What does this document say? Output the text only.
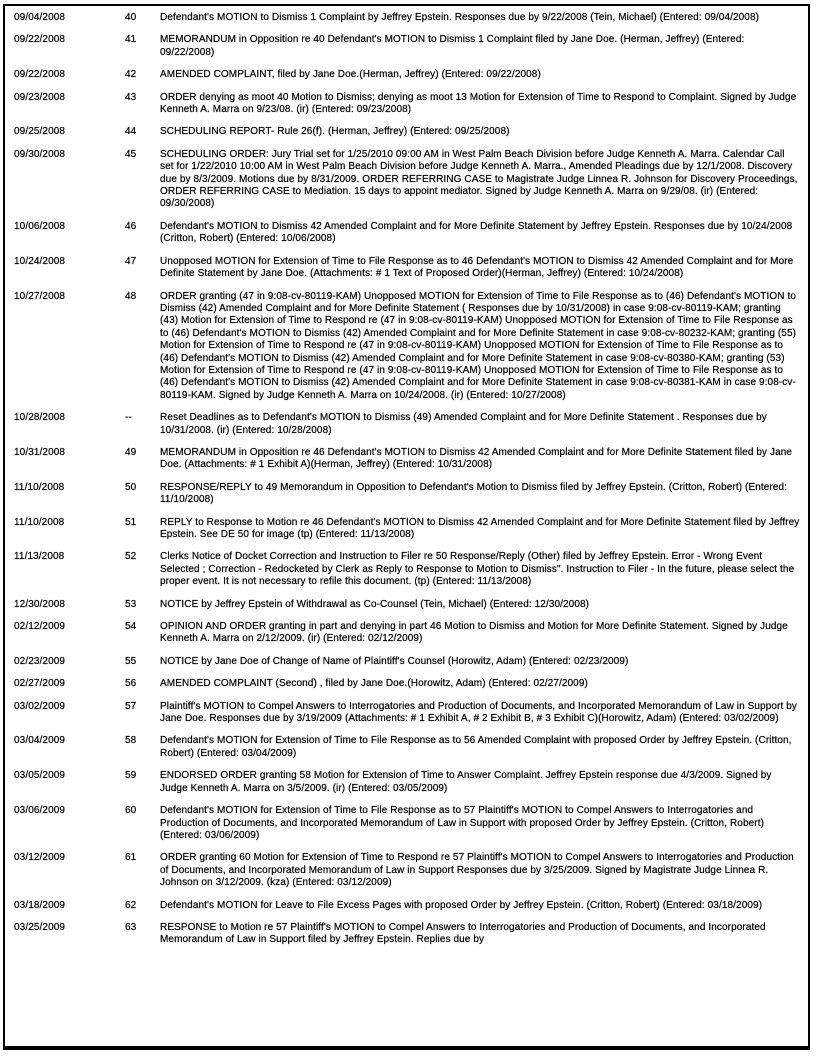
09/04/2008	40	Defendant's MOTION to Dismiss 1 Complaint by Jeffrey Epstein. Responses due by 9/22/2008 (Tein, Michael) (Entered: 09/04/2008)
09/22/2008	41	MEMORANDUM in Opposition re 40 Defendant's MOTION to Dismiss 1 Complaint filed by Jane Doe. (Herman, Jeffrey) (Entered: 09/22/2008)
09/22/2008	42	AMENDED COMPLAINT, filed by Jane Doe.(Herman, Jeffrey) (Entered: 09/22/2008)
09/23/2008	43	ORDER denying as moot 40 Motion to Dismiss; denying as moot 13 Motion for Extension of Time to Respond to Complaint. Signed by Judge Kenneth A. Marra on 9/23/08. (ir) (Entered: 09/23/2008)
09/25/2008	44	SCHEDULING REPORT- Rule 26(f). (Herman, Jeffrey) (Entered: 09/25/2008)
09/30/2008	45	SCHEDULING ORDER: Jury Trial set for 1/25/2010 09:00 AM in West Palm Beach Division before Judge Kenneth A. Marra. Calendar Call set for 1/22/2010 10:00 AM in West Palm Beach Division before Judge Kenneth A. Marra., Amended Pleadings due by 12/1/2008. Discovery due by 8/3/2009. Motions due by 8/31/2009. ORDER REFERRING CASE to Magistrate Judge Linnea R. Johnson for Discovery Proceedings, ORDER REFERRING CASE to Mediation. 15 days to appoint mediator. Signed by Judge Kenneth A. Marra on 9/29/08. (ir) (Entered: 09/30/2008)
10/06/2008	46	Defendant's MOTION to Dismiss 42 Amended Complaint and for More Definite Statement by Jeffrey Epstein. Responses due by 10/24/2008 (Critton, Robert) (Entered: 10/06/2008)
10/24/2008	47	Unopposed MOTION for Extension of Time to File Response as to 46 Defendant's MOTION to Dismiss 42 Amended Complaint and for More Definite Statement by Jane Doe. (Attachments: # 1 Text of Proposed Order)(Herman, Jeffrey) (Entered: 10/24/2008)
10/27/2008	48	ORDER granting (47 in 9:08-cv-80119-KAM) Unopposed MOTION for Extension of Time to File Response as to (46) Defendant's MOTION to Dismiss (42) Amended Complaint and for More Definite Statement ( Responses due by 10/31/2008) in case 9:08-cv-80119-KAM; granting (43) Motion for Extension of Time to Respond re (47 in 9:08-cv-80119-KAM) Unopposed MOTION for Extension of Time to File Response as to (46) Defendant's MOTION to Dismiss (42) Amended Complaint and for More Definite Statement in case 9:08-cv-80232-KAM; granting (55) Motion for Extension of Time to Respond re (47 in 9:08-cv-80119-KAM) Unopposed MOTION for Extension of Time to File Response as to (46) Defendant's MOTION to Dismiss (42) Amended Complaint and for More Definite Statement in case 9:08-cv-80380-KAM; granting (53) Motion for Extension of Time to Respond re (47 in 9:08-cv-80119-KAM) Unopposed MOTION for Extension of Time to File Response as to (46) Defendant's MOTION to Dismiss (42) Amended Complaint and for More Definite Statement in case 9:08-cv-80381-KAM in case 9:08-cv-80119-KAM. Signed by Judge Kenneth A. Marra on 10/24/2008. (ir) (Entered: 10/27/2008)
10/28/2008	--	Reset Deadlines as to Defendant's MOTION to Dismiss (49) Amended Complaint and for More Definite Statement . Responses due by 10/31/2008. (ir) (Entered: 10/28/2008)
10/31/2008	49	MEMORANDUM in Opposition re 46 Defendant's MOTION to Dismiss 42 Amended Complaint and for More Definite Statement filed by Jane Doe. (Attachments: # 1 Exhibit A)(Herman, Jeffrey) (Entered: 10/31/2008)
11/10/2008	50	RESPONSE/REPLY to 49 Memorandum in Opposition to Defendant's Motion to Dismiss filed by Jeffrey Epstein. (Critton, Robert) (Entered: 11/10/2008)
11/10/2008	51	REPLY to Response to Motion re 46 Defendant's MOTION to Dismiss 42 Amended Complaint and for More Definite Statement filed by Jeffrey Epstein. See DE 50 for image (tp) (Entered: 11/13/2008)
11/13/2008	52	Clerks Notice of Docket Correction and Instruction to Filer re 50 Response/Reply (Other) filed by Jeffrey Epstein. Error - Wrong Event Selected ; Correction - Redocketed by Clerk as Reply to Response to Motion to Dismiss". Instruction to Filer - In the future, please select the proper event. It is not necessary to refile this document. (tp) (Entered: 11/13/2008)
12/30/2008	53	NOTICE by Jeffrey Epstein of Withdrawal as Co-Counsel (Tein, Michael) (Entered: 12/30/2008)
02/12/2009	54	OPINION AND ORDER granting in part and denying in part 46 Motion to Dismiss and Motion for More Definite Statement. Signed by Judge Kenneth A. Marra on 2/12/2009. (ir) (Entered: 02/12/2009)
02/23/2009	55	NOTICE by Jane Doe of Change of Name of Plaintiff's Counsel (Horowitz, Adam) (Entered: 02/23/2009)
02/27/2009	56	AMENDED COMPLAINT (Second) , filed by Jane Doe.(Horowitz, Adam) (Entered: 02/27/2009)
03/02/2009	57	Plaintiff's MOTION to Compel Answers to Interrogatories and Production of Documents, and Incorporated Memorandum of Law in Support by Jane Doe. Responses due by 3/19/2009 (Attachments: # 1 Exhibit A, # 2 Exhibit B, # 3 Exhibit C)(Horowitz, Adam) (Entered: 03/02/2009)
03/04/2009	58	Defendant's MOTION for Extension of Time to File Response as to 56 Amended Complaint with proposed Order by Jeffrey Epstein. (Critton, Robert) (Entered: 03/04/2009)
03/05/2009	59	ENDORSED ORDER granting 58 Motion for Extension of Time to Answer Complaint. Jeffrey Epstein response due 4/3/2009. Signed by Judge Kenneth A. Marra on 3/5/2009. (ir) (Entered: 03/05/2009)
03/06/2009	60	Defendant's MOTION for Extension of Time to File Response as to 57 Plaintiff's MOTION to Compel Answers to Interrogatories and Production of Documents, and Incorporated Memorandum of Law in Support with proposed Order by Jeffrey Epstein. (Critton, Robert) (Entered: 03/06/2009)
03/12/2009	61	ORDER granting 60 Motion for Extension of Time to Respond re 57 Plaintiff's MOTION to Compel Answers to Interrogatories and Production of Documents, and Incorporated Memorandum of Law in Support Responses due by 3/25/2009. Signed by Magistrate Judge Linnea R. Johnson on 3/12/2009. (kza) (Entered: 03/12/2009)
03/18/2009	62	Defendant's MOTION for Leave to File Excess Pages with proposed Order by Jeffrey Epstein. (Critton, Robert) (Entered: 03/18/2009)
03/25/2009	63	RESPONSE to Motion re 57 Plaintiff's MOTION to Compel Answers to Interrogatories and Production of Documents, and Incorporated Memorandum of Law in Support filed by Jeffrey Epstein. Replies due by
